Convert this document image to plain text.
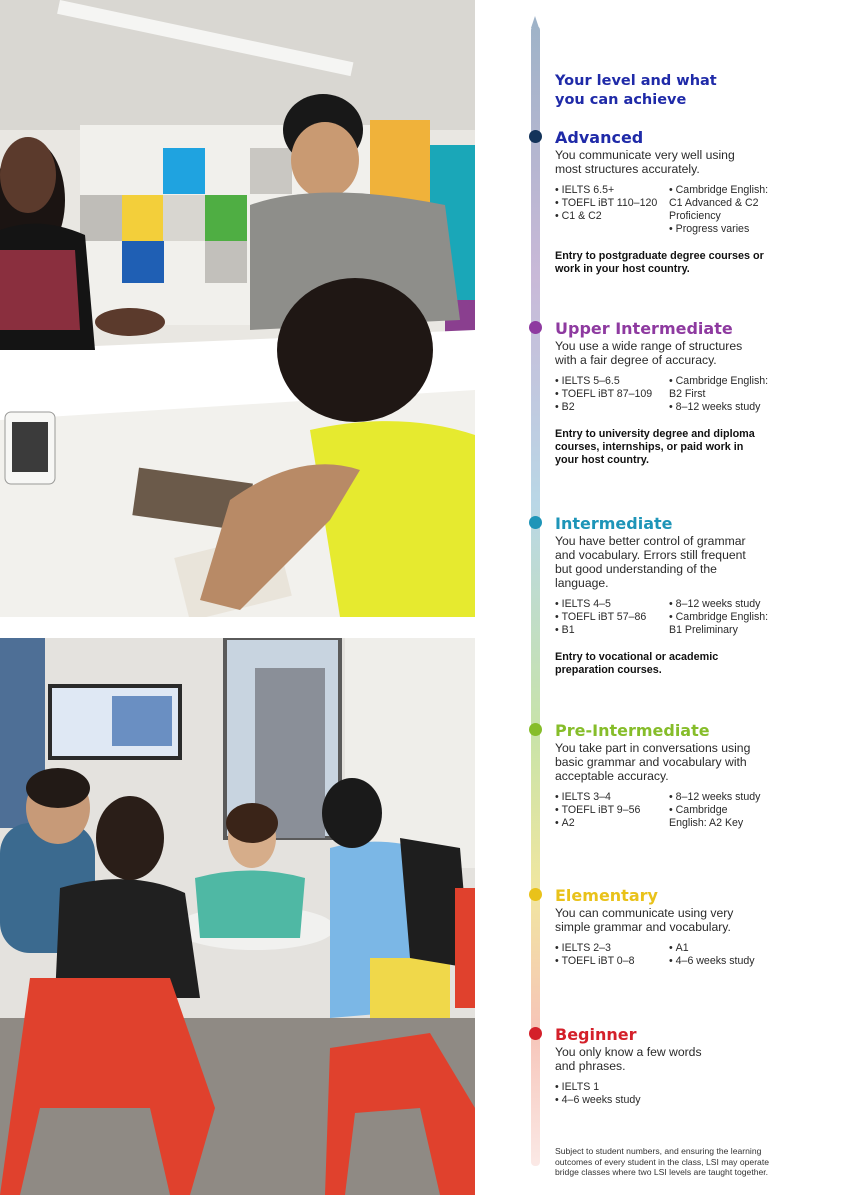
Your level and what
you can achieve
Advanced

You communicate very well using
most structures accurately.

• IELTS 6.5+
• TOEFL iBT 110–120
• C1 & C2
• Cambridge English:
C1 Advanced & C2
Proficiency
• Progress varies

Entry to postgraduate degree courses or
work in your host country.

Upper Intermediate

You use a wide range of structures
with a fair degree of accuracy.

• IELTS 5–6.5
• TOEFL iBT 87–109
• B2
• Cambridge English:
B2 First
• 8–12 weeks study

Entry to university degree and diploma
courses, internships, or paid work in
your host country.

Intermediate

You have better control of grammar
and vocabulary. Errors still frequent
but good understanding of the
language.

• IELTS 4–5
• TOEFL iBT 57–86
• B1
• 8–12 weeks study
• Cambridge English:
B1 Preliminary

Entry to vocational or academic
preparation courses.

Pre-Intermediate

You take part in conversations using
basic grammar and vocabulary with
acceptable accuracy.

• IELTS 3–4
• TOEFL iBT 9–56
• A2
• 8–12 weeks study
• Cambridge
English: A2 Key
Elementary

You can communicate using very
simple grammar and vocabulary.

• IELTS 2–3
• TOEFL iBT 0–8
• A1
• 4–6 weeks study
Beginner

You only know a few words
and phrases.

• IELTS 1
• 4–6 weeks study
Subject to student numbers, and ensuring the learning
outcomes of every student in the class, LSI may operate
bridge classes where two LSI levels are taught together.
